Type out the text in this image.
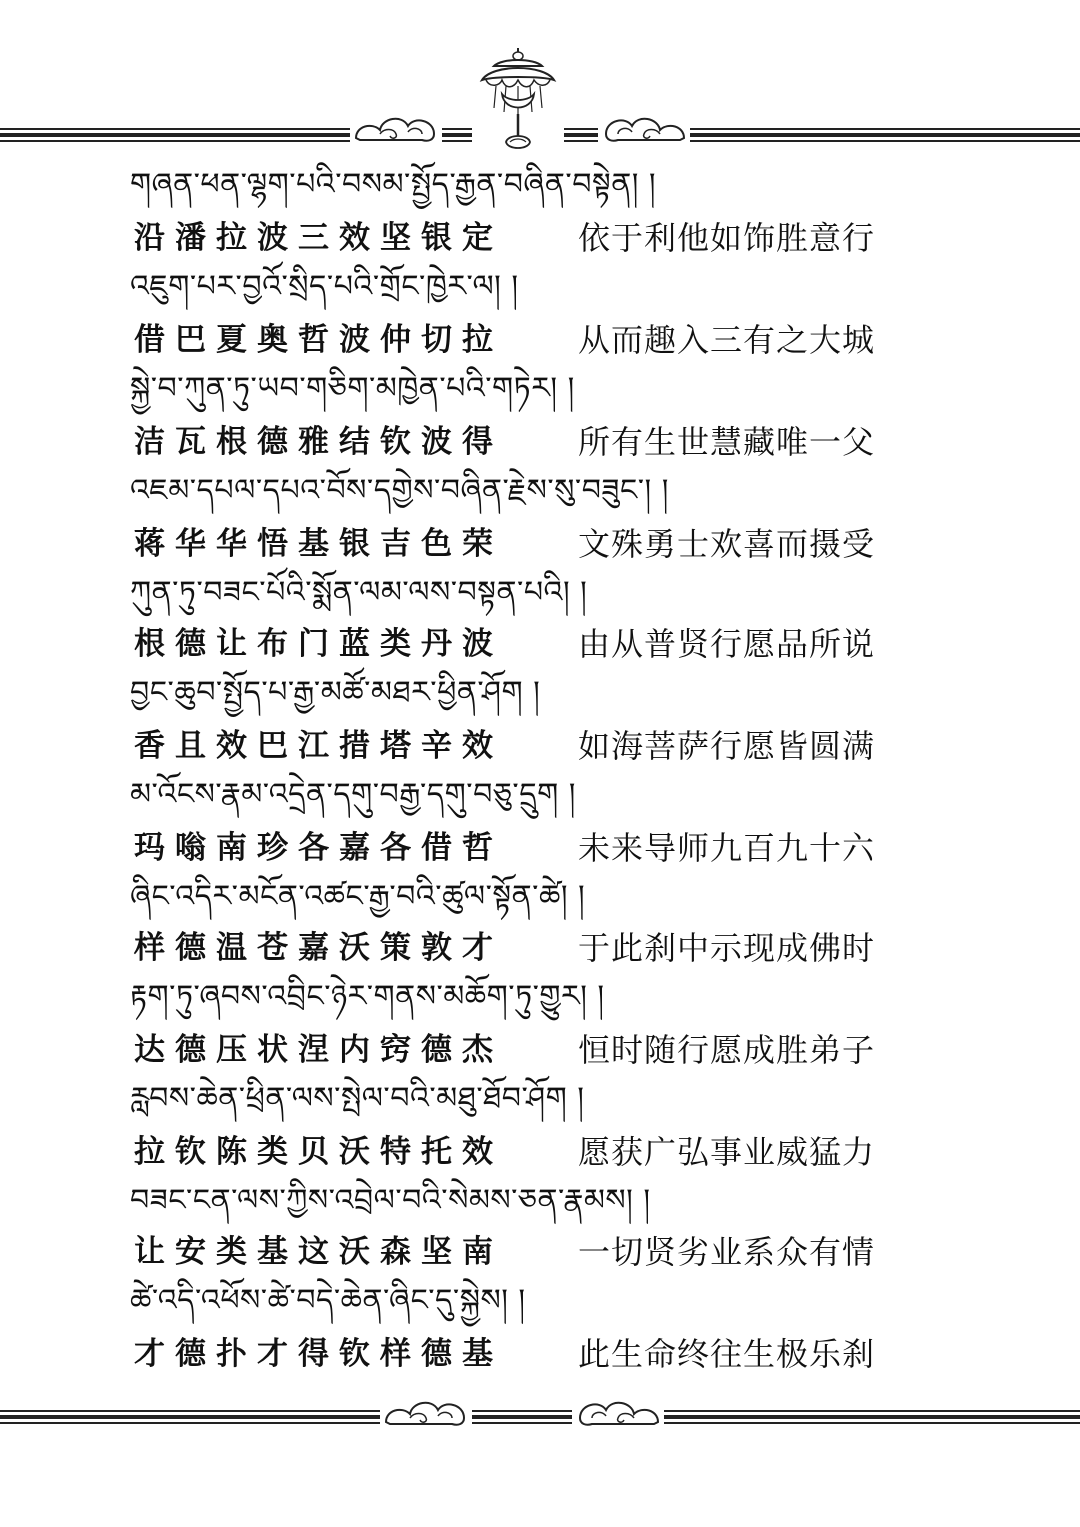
གཞན་ཕན་ལྷག་པའི་བསམ་སྤྱོད་རྒྱན་བཞིན་བསྟེན། །
沿潘拉波三效坚银定 依于利他如饰胜意行
འཇུག་པར་བྱའོ་སྲིད་པའི་གྲོང་ཁྱེར་ལ། །
借巴夏奥哲波仲切拉 从而趣入三有之大城
སྐྱེ་བ་ཀུན་ཏུ་ཡབ་གཅིག་མཁྱེན་པའི་གཏེར། །
洁瓦根德雅结钦波得 所有生世慧藏唯一父
འཇམ་དཔལ་དཔའ་བོས་དགྱེས་བཞིན་རྗེས་སུ་བཟུང་། །
蒋华华悟基银吉色荣 文殊勇士欢喜而摄受
ཀུན་ཏུ་བཟང་པོའི་སྨོན་ལམ་ལས་བསྟན་པའི། །
根德让布门蓝类丹波 由从普贤行愿品所说
བྱང་ཆུབ་སྤྱོད་པ་རྒྱ་མཚོ་མཐར་ཕྱིན་ཤོག །
香且效巴江措塔辛效 如海菩萨行愿皆圆满
མ་འོངས་རྣམ་འདྲེན་དགུ་བརྒྱ་དགུ་བཅུ་དྲུག །
玛嗡南珍各嘉各借哲 未来导师九百九十六
ཞིང་འདིར་མངོན་འཚང་རྒྱ་བའི་ཚུལ་སྟོན་ཚེ། །
样德温苍嘉沃策敦才 于此刹中示现成佛时
རྟག་ཏུ་ཞབས་འབྲིང་ཉེར་གནས་མཆོག་ཏུ་གྱུར། །
达德压状涅内窍德杰 恒时随行愿成胜弟子
རླབས་ཆེན་ཕྲིན་ལས་སྤེལ་བའི་མཐུ་ཐོབ་ཤོག །
拉钦陈类贝沃特托效 愿获广弘事业威猛力
བཟང་ངན་ལས་ཀྱིས་འབྲེལ་བའི་སེམས་ཅན་རྣམས། །
让安类基这沃森坚南 一切贤劣业系众有情
ཚེ་འདི་འཕོས་ཚེ་བདེ་ཆེན་ཞིང་དུ་སྐྱེས། །
才德扑才得钦样德基 此生命终往生极乐刹
